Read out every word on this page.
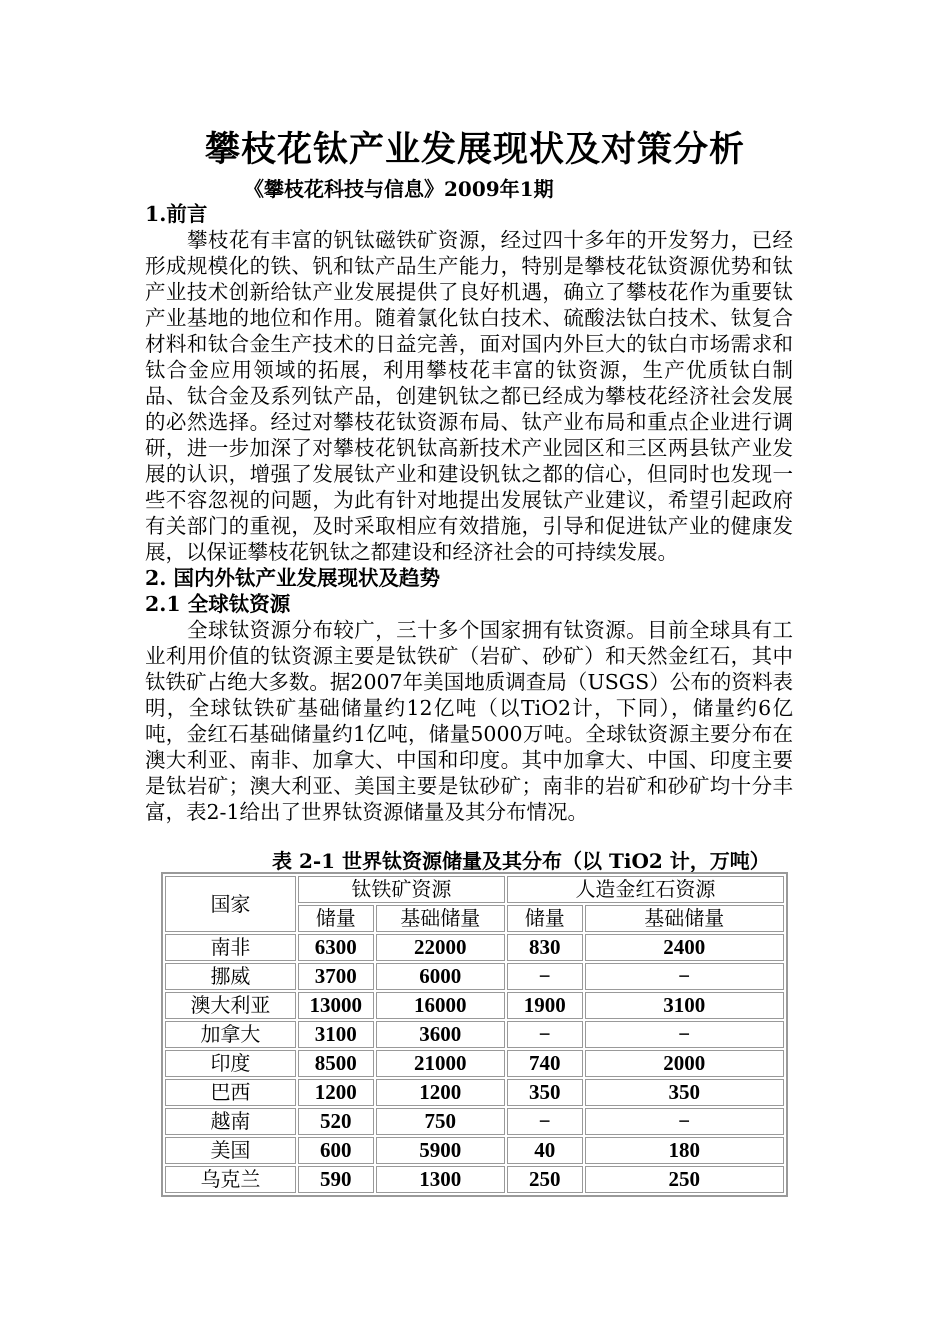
攀枝花钛产业发展现状及对策分析
《攀枝花科技与信息》2009年1期
1.前言

攀枝花有丰富的钒钛磁铁矿资源，经过四十多年的开发努力，已经形成规模化的铁、钒和钛产品生产能力，特别是攀枝花钛资源优势和钛产业技术创新给钛产业发展提供了良好机遇，确立了攀枝花作为重要钛产业基地的地位和作用。随着氯化钛白技术、硫酸法钛白技术、钛复合材料和钛合金生产技术的日益完善，面对国内外巨大的钛白市场需求和钛合金应用领域的拓展，利用攀枝花丰富的钛资源，生产优质钛白制品、钛合金及系列钛产品，创建钒钛之都已经成为攀枝花经济社会发展的必然选择。经过对攀枝花钛资源布局、钛产业布局和重点企业进行调研，进一步加深了对攀枝花钒钛高新技术产业园区和三区两县钛产业发展的认识，增强了发展钛产业和建设钒钛之都的信心，但同时也发现一些不容忽视的问题，为此有针对地提出发展钛产业建议，希望引起政府有关部门的重视，及时采取相应有效措施，引导和促进钛产业的健康发展，以保证攀枝花钒钛之都建设和经济社会的可持续发展。

2. 国内外钛产业发展现状及趋势
2.1 全球钛资源

全球钛资源分布较广，三十多个国家拥有钛资源。目前全球具有工业利用价值的钛资源主要是钛铁矿（岩矿、砂矿）和天然金红石，其中钛铁矿占绝大多数。据2007年美国地质调查局（USGS）公布的资料表明，全球钛铁矿基础储量约12亿吨（以TiO2计，下同），储量约6亿吨，金红石基础储量约1亿吨，储量5000万吨。全球钛资源主要分布在澳大利亚、南非、加拿大、中国和印度。其中加拿大、中国、印度主要是钛岩矿；澳大利亚、美国主要是钛砂矿；南非的岩矿和砂矿均十分丰富，表2-1给出了世界钛资源储量及其分布情况。

表 2-1 世界钛资源储量及其分布（以 TiO2 计，万吨）
国家	钛铁矿资源		人造金红石资源	
	储量	基础储量	储量	基础储量
南非	6300	22000	830	2400
挪威	3700	6000	−	−
澳大利亚	13000	16000	1900	3100
加拿大	3100	3600	−	−
印度	8500	21000	740	2000
巴西	1200	1200	350	350
越南	520	750	−	−
美国	600	5900	40	180
乌克兰	590	1300	250	250
